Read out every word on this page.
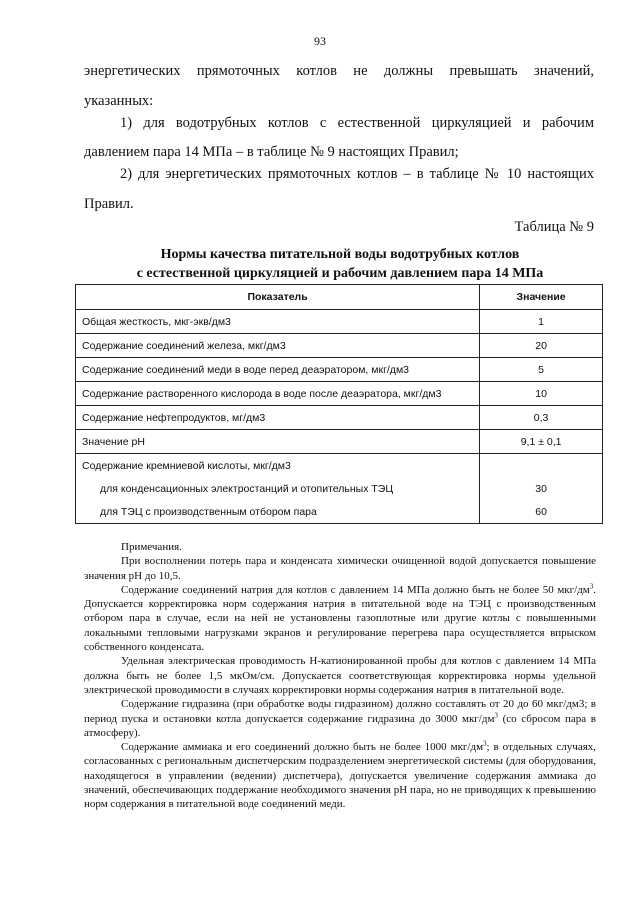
93
энергетических прямоточных котлов не должны превышать значений,
указанных:
1) для водотрубных котлов с естественной циркуляцией и рабочим
давлением пара 14 МПа – в таблице № 9 настоящих Правил;
2) для энергетических прямоточных котлов – в таблице № 10 настоящих
Правил.
Таблица № 9
Нормы качества питательной воды водотрубных котлов
с естественной циркуляцией и рабочим давлением пара 14 МПа
Показатель	Значение
Общая жесткость, мкг-экв/дм3	1
Содержание соединений железа, мкг/дм3	20
Содержание соединений меди в воде перед деаэратором, мкг/дм3	5
Содержание растворенного кислорода в воде после деаэратора, мкг/дм3	10
Содержание нефтепродуктов, мг/дм3	0,3
Значение рН	9,1 ± 0,1
Содержание кремниевой кислоты, мкг/дм3	
для конденсационных электростанций и отопительных ТЭЦ	30
для ТЭЦ с производственным отбором пара	60

Примечания.

При восполнении потерь пара и конденсата химически очищенной водой допускается повышение значения рН до 10,5.

Содержание соединений натрия для котлов с давлением 14 МПа должно быть не более 50 мкг/$дм^3$. Допускается корректировка норм содержания натрия в питательной воде на ТЭЦ с производственным отбором пара в случае, если на ней не установлены газоплотные или другие котлы с повышенными локальными тепловыми нагрузками экранов и регулирование перегрева пара осуществляется впрыском собственного конденсата.

Удельная электрическая проводимость Н-катионированной пробы для котлов с давлением 14 МПа должна быть не более 1,5 мкОм/см. Допускается соответствующая корректировка нормы удельной электрической проводимости в случаях корректировки нормы содержания натрия в питательной воде.

Содержание гидразина (при обработке воды гидразином) должно составлять от 20 до 60 мкг/дм3; в период пуска и остановки котла допускается содержание гидразина до 3000 мкг/$дм^3$ (со сбросом пара в атмосферу).

Содержание аммиака и его соединений должно быть не более 1000 мкг/$дм^3$; в отдельных случаях, согласованных с региональным диспетчерским подразделением энергетической системы (для оборудования, находящегося в управлении (ведении) диспетчера), допускается увеличение содержания аммиака до значений, обеспечивающих поддержание необходимого значения рН пара, но не приводящих к превышению норм содержания в питательной воде соединений меди.
